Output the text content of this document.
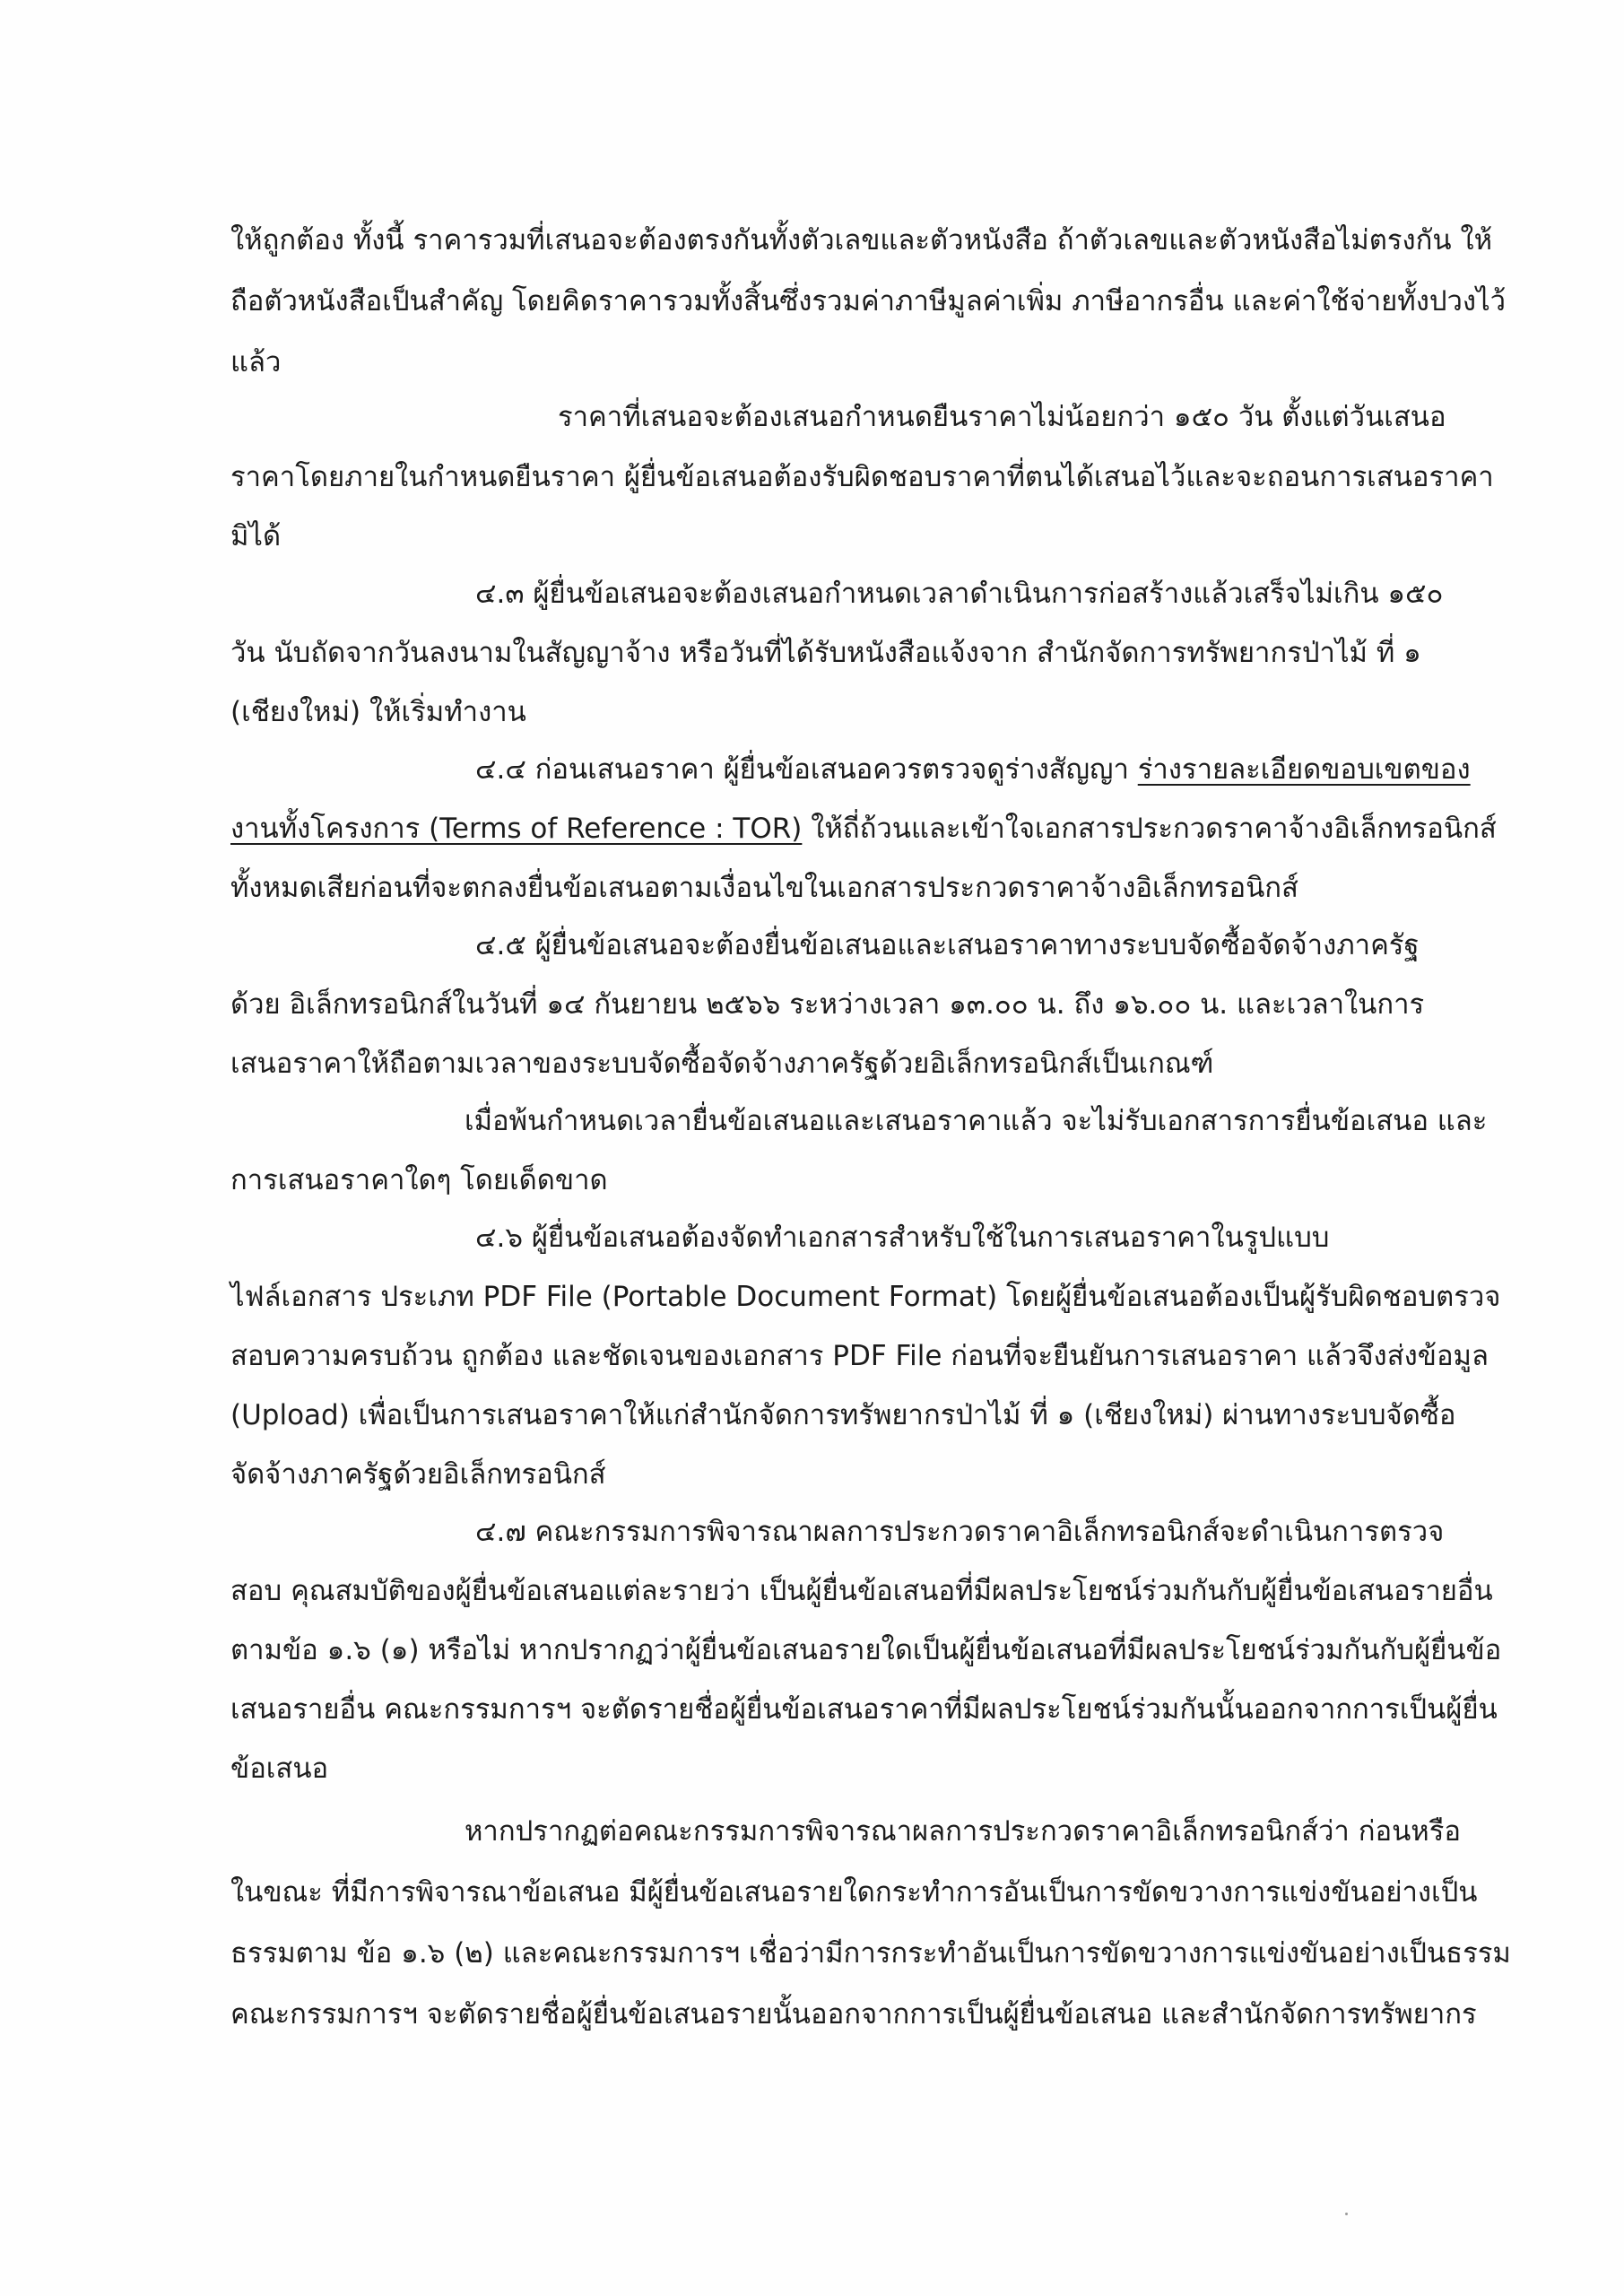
ให้ถูกต้อง ทั้งนี้ ราคารวมที่เสนอจะต้องตรงกันทั้งตัวเลขและตัวหนังสือ ถ้าตัวเลขและตัวหนังสือไม่ตรงกัน ให้
ถือตัวหนังสือเป็นสำคัญ โดยคิดราคารวมทั้งสิ้นซึ่งรวมค่าภาษีมูลค่าเพิ่ม ภาษีอากรอื่น และค่าใช้จ่ายทั้งปวงไว้
แล้ว
ราคาที่เสนอจะต้องเสนอกำหนดยืนราคาไม่น้อยกว่า ๑๕๐ วัน ตั้งแต่วันเสนอ
ราคาโดยภายในกำหนดยืนราคา ผู้ยื่นข้อเสนอต้องรับผิดชอบราคาที่ตนได้เสนอไว้และจะถอนการเสนอราคา
มิได้
๔.๓ ผู้ยื่นข้อเสนอจะต้องเสนอกำหนดเวลาดำเนินการก่อสร้างแล้วเสร็จไม่เกิน ๑๕๐
วัน นับถัดจากวันลงนามในสัญญาจ้าง หรือวันที่ได้รับหนังสือแจ้งจาก สำนักจัดการทรัพยากรป่าไม้ ที่ ๑
(เชียงใหม่) ให้เริ่มทำงาน
๔.๔ ก่อนเสนอราคา ผู้ยื่นข้อเสนอควรตรวจดูร่างสัญญา ร่างรายละเอียดขอบเขตของ
งานทั้งโครงการ (Terms of Reference : TOR) ให้ถี่ถ้วนและเข้าใจเอกสารประกวดราคาจ้างอิเล็กทรอนิกส์
ทั้งหมดเสียก่อนที่จะตกลงยื่นข้อเสนอตามเงื่อนไขในเอกสารประกวดราคาจ้างอิเล็กทรอนิกส์
๔.๕ ผู้ยื่นข้อเสนอจะต้องยื่นข้อเสนอและเสนอราคาทางระบบจัดซื้อจัดจ้างภาครัฐ
ด้วย อิเล็กทรอนิกส์ในวันที่ ๑๔ กันยายน ๒๕๖๖ ระหว่างเวลา ๑๓.๐๐ น. ถึง ๑๖.๐๐ น. และเวลาในการ
เสนอราคาให้ถือตามเวลาของระบบจัดซื้อจัดจ้างภาครัฐด้วยอิเล็กทรอนิกส์เป็นเกณฑ์
เมื่อพ้นกำหนดเวลายื่นข้อเสนอและเสนอราคาแล้ว จะไม่รับเอกสารการยื่นข้อเสนอ และ
การเสนอราคาใดๆ โดยเด็ดขาด
๔.๖ ผู้ยื่นข้อเสนอต้องจัดทำเอกสารสำหรับใช้ในการเสนอราคาในรูปแบบ
ไฟล์เอกสาร ประเภท PDF File (Portable Document Format) โดยผู้ยื่นข้อเสนอต้องเป็นผู้รับผิดชอบตรวจ
สอบความครบถ้วน ถูกต้อง และชัดเจนของเอกสาร PDF File ก่อนที่จะยืนยันการเสนอราคา แล้วจึงส่งข้อมูล
(Upload) เพื่อเป็นการเสนอราคาให้แก่สำนักจัดการทรัพยากรป่าไม้ ที่ ๑ (เชียงใหม่) ผ่านทางระบบจัดซื้อ
จัดจ้างภาครัฐด้วยอิเล็กทรอนิกส์
๔.๗ คณะกรรมการพิจารณาผลการประกวดราคาอิเล็กทรอนิกส์จะดำเนินการตรวจ
สอบ คุณสมบัติของผู้ยื่นข้อเสนอแต่ละรายว่า เป็นผู้ยื่นข้อเสนอที่มีผลประโยชน์ร่วมกันกับผู้ยื่นข้อเสนอรายอื่น
ตามข้อ ๑.๖ (๑) หรือไม่ หากปรากฏว่าผู้ยื่นข้อเสนอรายใดเป็นผู้ยื่นข้อเสนอที่มีผลประโยชน์ร่วมกันกับผู้ยื่นข้อ
เสนอรายอื่น คณะกรรมการฯ จะตัดรายชื่อผู้ยื่นข้อเสนอราคาที่มีผลประโยชน์ร่วมกันนั้นออกจากการเป็นผู้ยื่น
ข้อเสนอ
หากปรากฏต่อคณะกรรมการพิจารณาผลการประกวดราคาอิเล็กทรอนิกส์ว่า ก่อนหรือ
ในขณะ ที่มีการพิจารณาข้อเสนอ มีผู้ยื่นข้อเสนอรายใดกระทำการอันเป็นการขัดขวางการแข่งขันอย่างเป็น
ธรรมตาม ข้อ ๑.๖ (๒) และคณะกรรมการฯ เชื่อว่ามีการกระทำอันเป็นการขัดขวางการแข่งขันอย่างเป็นธรรม
คณะกรรมการฯ จะตัดรายชื่อผู้ยื่นข้อเสนอรายนั้นออกจากการเป็นผู้ยื่นข้อเสนอ และสำนักจัดการทรัพยากร
